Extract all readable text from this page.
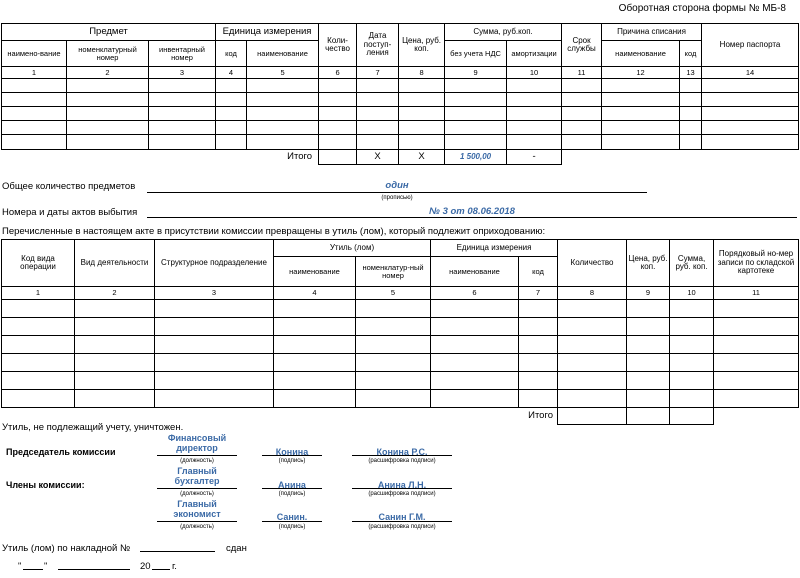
Оборотная сторона формы № МБ-8
Предмет			Единица измерения		Коли-чество	Дата поступ-ления	Цена, руб. коп.	Сумма, руб.коп.		Срок службы	Причина списания		Номер паспорта
наимено-вание	номенклатурный номер	инвентарный номер	код	наименование				без учета НДС	амортизации		наименование	код	
1	2	3	4	5	6	7	8	9	10	11	12	13	14

				Итого		X	X	1 500,00	-				
Общее количество предметов	один
(прописью)
Номера и даты актов выбытия	№ 3 от 08.06.2018
Перечисленные в настоящем акте в присутствии комиссии превращены в утиль (лом), который подлежит оприходованию:
Код вида операции	Вид деятельности	Структурное подразделение	Утиль (лом)		Единица измерения		Количество	Цена, руб. коп.	Сумма, руб. коп.	Порядковый но-мер записи по складской картотеке
			наименование	номенклатур-ный номер	наименование	код				
1	2	3	4	5	6	7	8	9	10	11

						Итого				
Утиль, не подлежащий учету, уничтожен.
Председатель комиссии
Члены комиссии:
Финансовый директор
(должность)
Конина
(подпись)
Конина Р.С.
(расшифровка подписи)
Главный бухгалтер
(должность)
Анина
(подпись)
Анина Л.Н.
(расшифровка подписи)
Главный экономист
(должность)
Санин.
(подпись)
Санин Г.М.
(расшифровка подписи)
Утиль (лом) по накладной №	сдан
" "	20 г.
